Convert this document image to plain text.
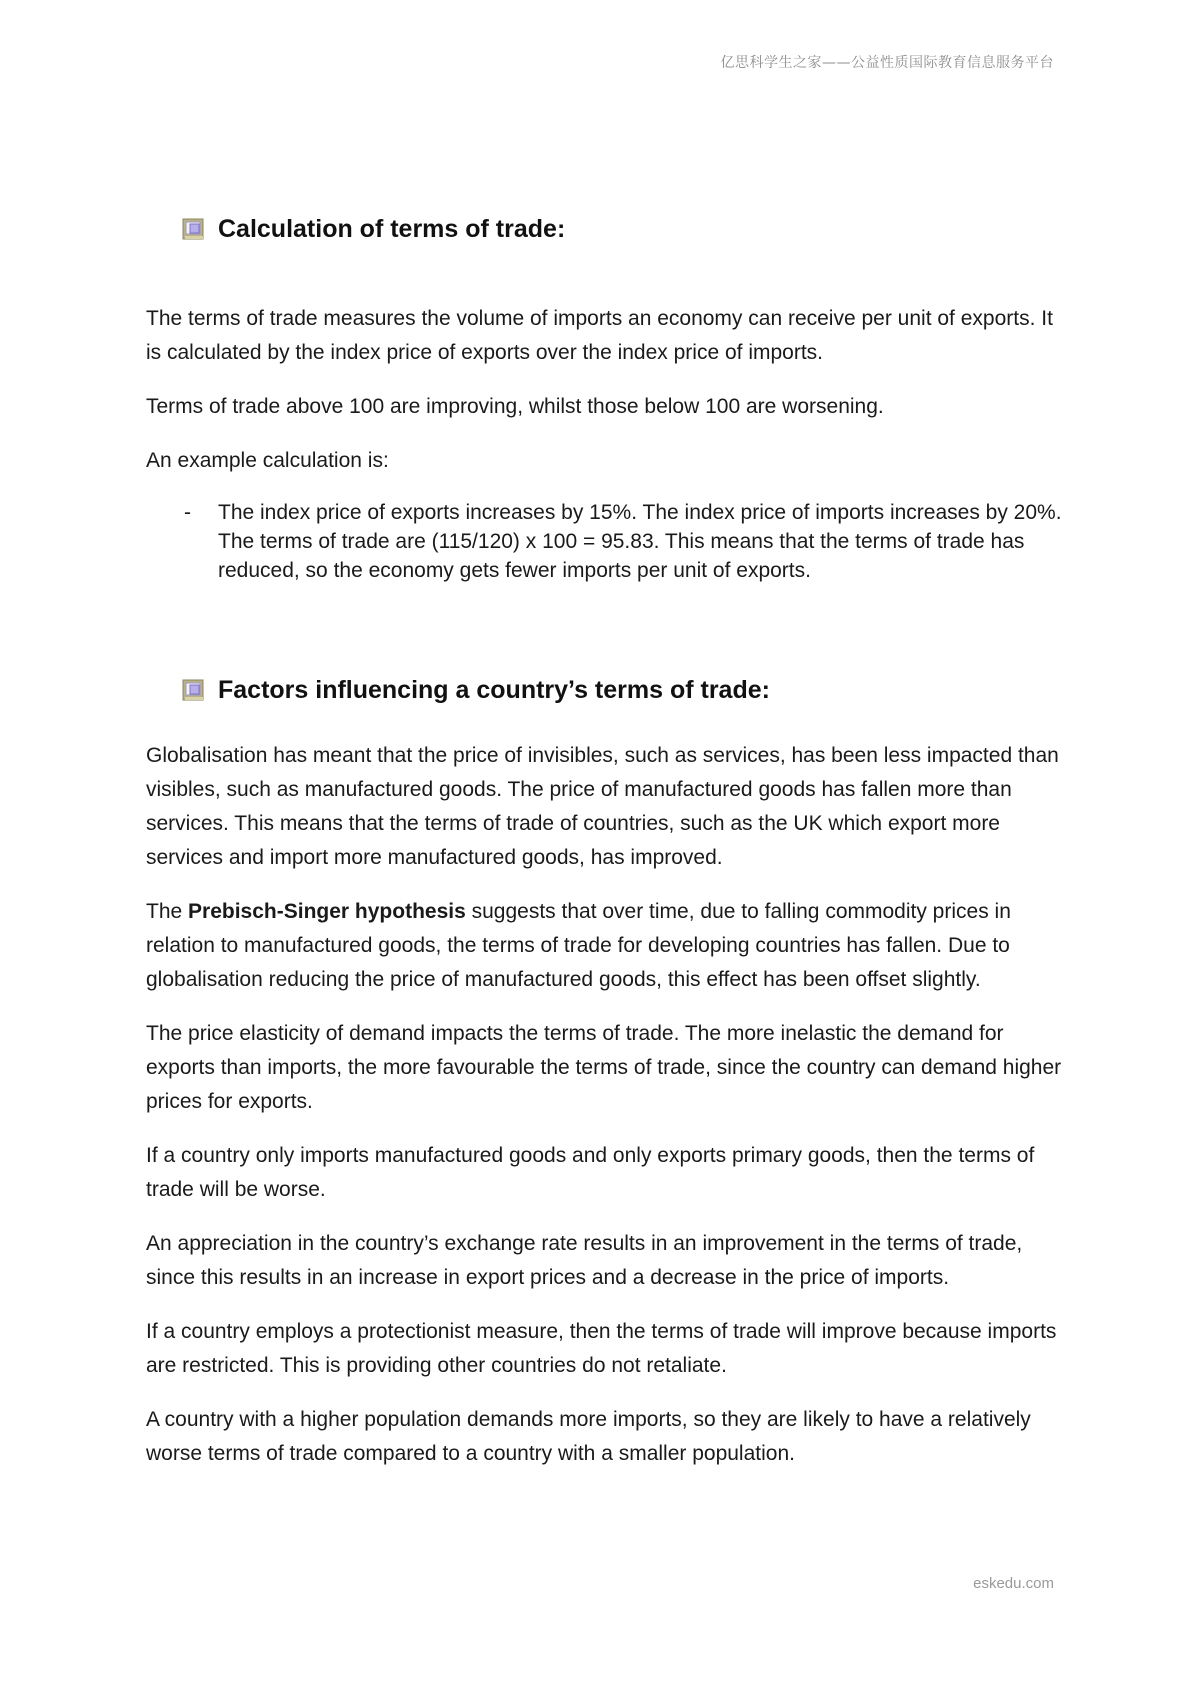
亿思科学生之家——公益性质国际教育信息服务平台
Calculation of terms of trade:

The terms of trade measures the volume of imports an economy can receive per unit of exports. It is calculated by the index price of exports over the index price of imports.

Terms of trade above 100 are improving, whilst those below 100 are worsening.

An example calculation is:

- The index price of exports increases by 15%. The index price of imports increases by 20%. The terms of trade are (115/120) x 100 = 95.83. This means that the terms of trade has reduced, so the economy gets fewer imports per unit of exports.

Factors influencing a country’s terms of trade:

Globalisation has meant that the price of invisibles, such as services, has been less impacted than visibles, such as manufactured goods. The price of manufactured goods has fallen more than services. This means that the terms of trade of countries, such as the UK which export more services and import more manufactured goods, has improved.

The Prebisch-Singer hypothesis suggests that over time, due to falling commodity prices in relation to manufactured goods, the terms of trade for developing countries has fallen. Due to globalisation reducing the price of manufactured goods, this effect has been offset slightly.

The price elasticity of demand impacts the terms of trade. The more inelastic the demand for exports than imports, the more favourable the terms of trade, since the country can demand higher prices for exports.

If a country only imports manufactured goods and only exports primary goods, then the terms of trade will be worse.

An appreciation in the country’s exchange rate results in an improvement in the terms of trade, since this results in an increase in export prices and a decrease in the price of imports.

If a country employs a protectionist measure, then the terms of trade will improve because imports are restricted. This is providing other countries do not retaliate.

A country with a higher population demands more imports, so they are likely to have a relatively worse terms of trade compared to a country with a smaller population.

eskedu.com
